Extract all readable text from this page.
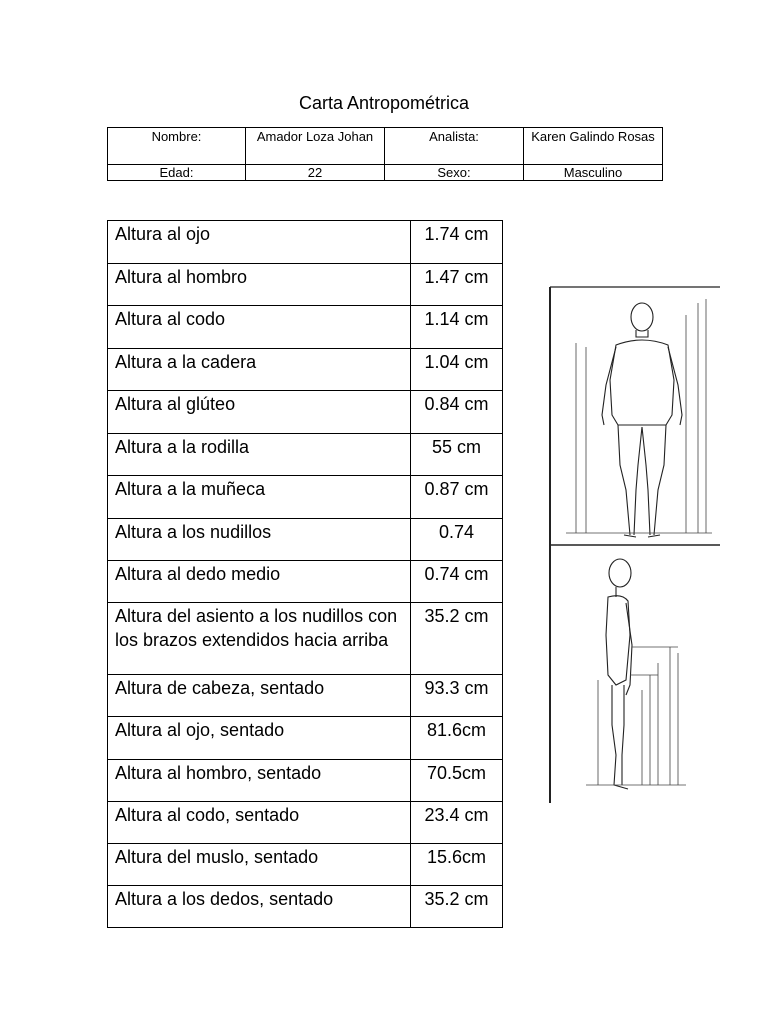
Carta Antropométrica
Nombre:	Amador Loza Johan	Analista:	Karen Galindo Rosas
Edad:	22	Sexo:	Masculino
Altura al ojo	1.74 cm
Altura al hombro	1.47 cm
Altura al codo	1.14 cm
Altura a la cadera	1.04 cm
Altura al glúteo	0.84 cm
Altura a la rodilla	55 cm
Altura a la muñeca	0.87 cm
Altura a los nudillos	0.74
Altura al dedo medio	0.74 cm
Altura del asiento a los nudillos con los brazos extendidos hacia arriba	35.2 cm
Altura de cabeza, sentado	93.3 cm
Altura al ojo, sentado	81.6cm
Altura al hombro, sentado	70.5cm
Altura al codo, sentado	23.4 cm
Altura del muslo, sentado	15.6cm
Altura a los dedos, sentado	35.2 cm
